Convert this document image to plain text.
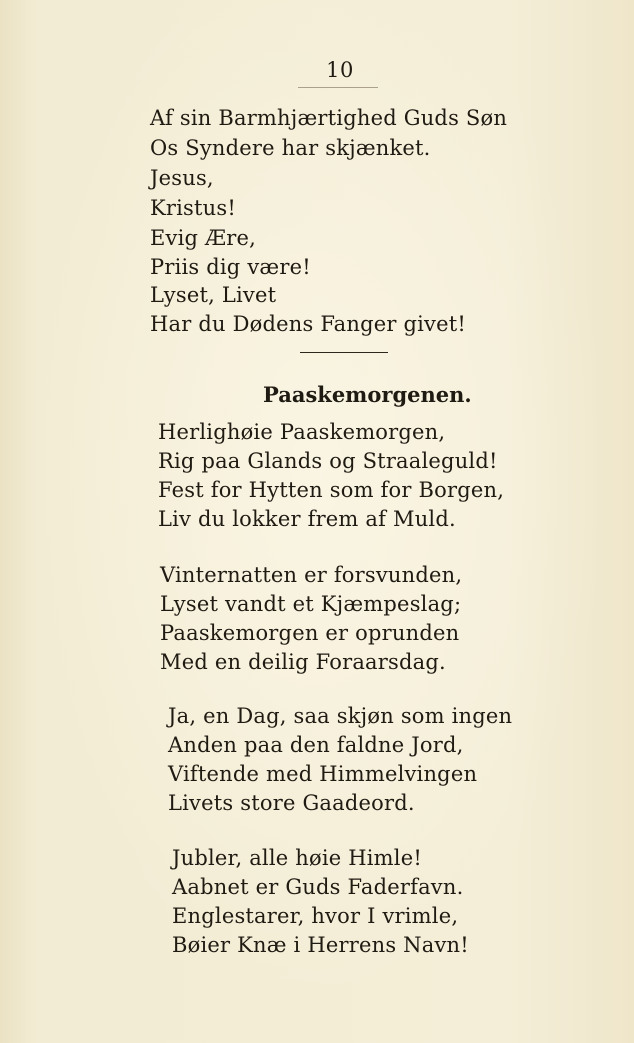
10
Af sin Barmhjærtighed Guds Søn
Os Syndere har skjænket.
Jesus,
Kristus!
Evig Ære,
Priis dig være!
Lyset, Livet
Har du Dødens Fanger givet!
Paaskemorgenen.
Herlighøie Paaskemorgen,
Rig paa Glands og Straaleguld!
Fest for Hytten som for Borgen,
Liv du lokker frem af Muld.
Vinternatten er forsvunden,
Lyset vandt et Kjæmpeslag;
Paaskemorgen er oprunden
Med en deilig Foraarsdag.
Ja, en Dag, saa skjøn som ingen
Anden paa den faldne Jord,
Viftende med Himmelvingen
Livets store Gaadeord.
Jubler, alle høie Himle!
Aabnet er Guds Faderfavn.
Englestarer, hvor I vrimle,
Bøier Knæ i Herrens Navn!
